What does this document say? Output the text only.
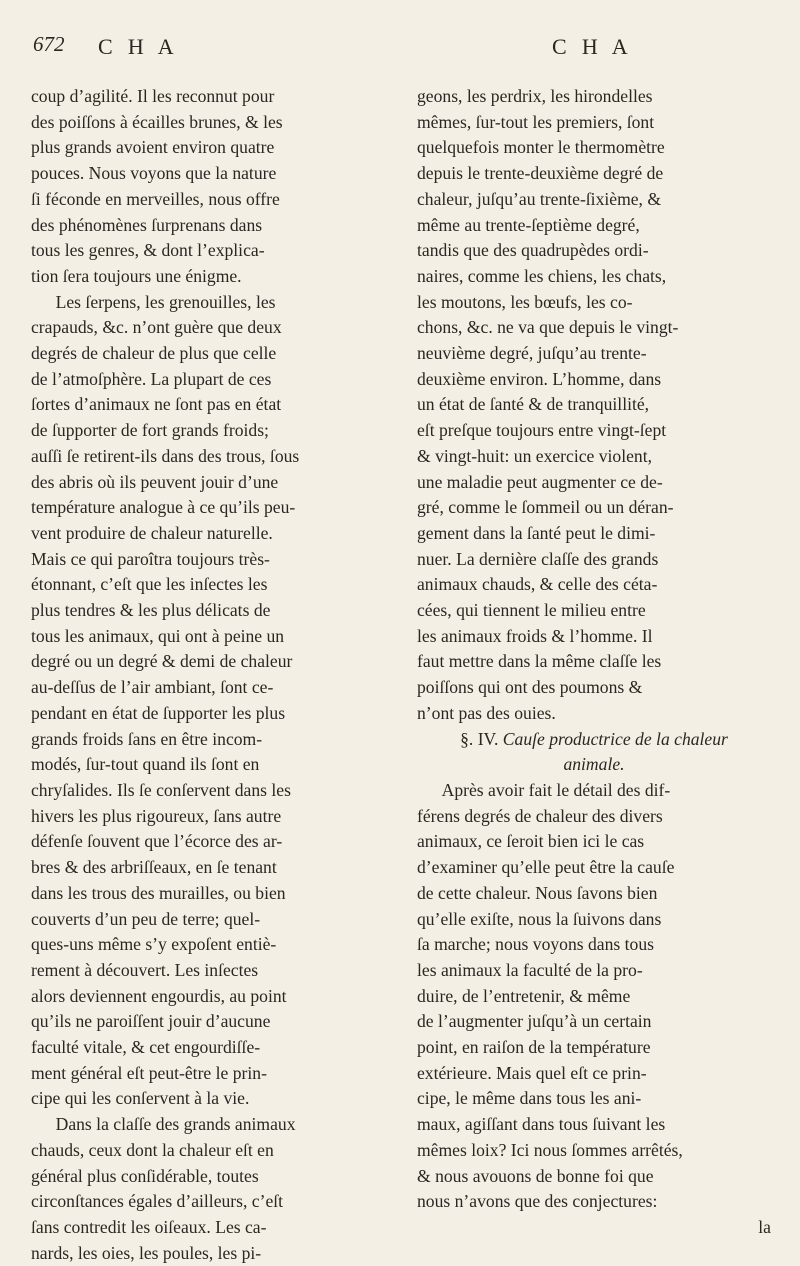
672 C H A	C H A

coup d’agilité. Il les reconnut pour
des poiſſons à écailles brunes, & les
plus grands avoient environ quatre
pouces. Nous voyons que la nature
ſi féconde en merveilles, nous offre
des phénomènes ſurprenans dans
tous les genres, & dont l’explica-
tion ſera toujours une énigme.

Les ſerpens, les grenouilles, les
crapauds, &c. n’ont guère que deux
degrés de chaleur de plus que celle
de l’atmoſphère. La plupart de ces
ſortes d’animaux ne ſont pas en état
de ſupporter de fort grands froids;
auſſi ſe retirent-ils dans des trous, ſous
des abris où ils peuvent jouir d’une
température analogue à ce qu’ils peu-
vent produire de chaleur naturelle.
Mais ce qui paroîtra toujours très-
étonnant, c’eſt que les inſectes les
plus tendres & les plus délicats de
tous les animaux, qui ont à peine un
degré ou un degré & demi de chaleur
au-deſſus de l’air ambiant, ſont ce-
pendant en état de ſupporter les plus
grands froids ſans en être incom-
modés, ſur-tout quand ils ſont en
chryſalides. Ils ſe conſervent dans les
hivers les plus rigoureux, ſans autre
défenſe ſouvent que l’écorce des ar-
bres & des arbriſſeaux, en ſe tenant
dans les trous des murailles, ou bien
couverts d’un peu de terre; quel-
ques-uns même s’y expoſent entiè-
rement à découvert. Les inſectes
alors deviennent engourdis, au point
qu’ils ne paroiſſent jouir d’aucune
faculté vitale, & cet engourdiſſe-
ment général eſt peut-être le prin-
cipe qui les conſervent à la vie.

Dans la claſſe des grands animaux
chauds, ceux dont la chaleur eſt en
général plus conſidérable, toutes
circonſtances égales d’ailleurs, c’eſt
ſans contredit les oiſeaux. Les ca-
nards, les oies, les poules, les pi-

geons, les perdrix, les hirondelles
mêmes, ſur-tout les premiers, ſont
quelquefois monter le thermomètre
depuis le trente-deuxième degré de
chaleur, juſqu’au trente-ſixième, &
même au trente-ſeptième degré,
tandis que des quadrupèdes ordi-
naires, comme les chiens, les chats,
les moutons, les bœufs, les co-
chons, &c. ne va que depuis le vingt-
neuvième degré, juſqu’au trente-
deuxième environ. L’homme, dans
un état de ſanté & de tranquillité,
eſt preſque toujours entre vingt-ſept
& vingt-huit: un exercice violent,
une maladie peut augmenter ce de-
gré, comme le ſommeil ou un déran-
gement dans la ſanté peut le dimi-
nuer. La dernière claſſe des grands
animaux chauds, & celle des céta-
cées, qui tiennent le milieu entre
les animaux froids & l’homme. Il
faut mettre dans la même claſſe les
poiſſons qui ont des poumons &
n’ont pas des ouies.

§. IV. Cauſe productrice de la chaleur
animale.

Après avoir fait le détail des dif-
férens degrés de chaleur des divers
animaux, ce ſeroit bien ici le cas
d’examiner qu’elle peut être la cauſe
de cette chaleur. Nous ſavons bien
qu’elle exiſte, nous la ſuivons dans
ſa marche; nous voyons dans tous
les animaux la faculté de la pro-
duire, de l’entretenir, & même
de l’augmenter juſqu’à un certain
point, en raiſon de la température
extérieure. Mais quel eſt ce prin-
cipe, le même dans tous les ani-
maux, agiſſant dans tous ſuivant les
mêmes loix? Ici nous ſommes arrêtés,
& nous avouons de bonne foi que
nous n’avons que des conjectures:

la
